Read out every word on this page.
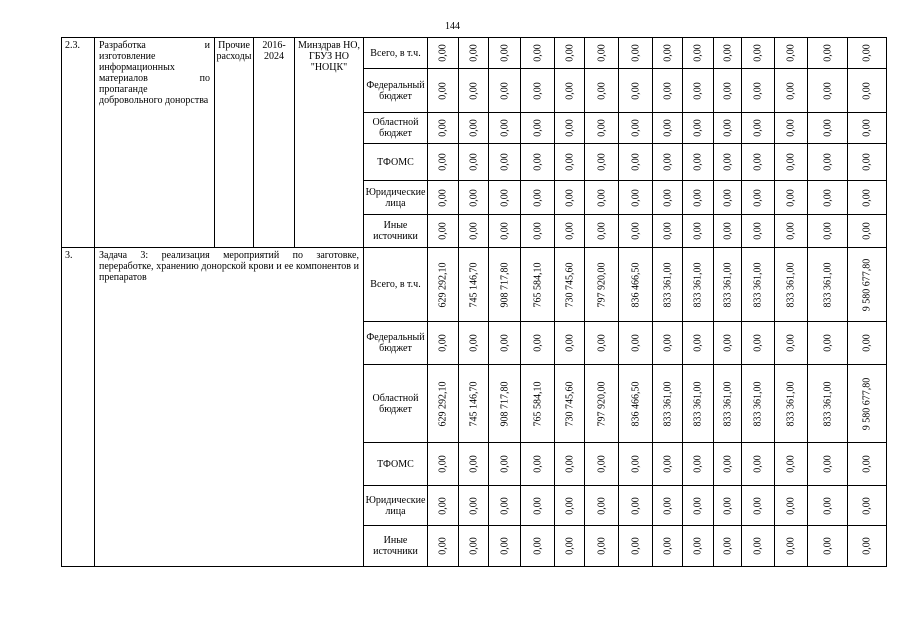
144
2.3.	Разработка и изготовление информационных материалов по пропаганде добровольного донорства	Прочие расходы	2016-2024	Минздрав НО, ГБУЗ НО "НОЦК"	Всего, в т.ч.	0,00	0,00	0,00	0,00	0,00	0,00	0,00	0,00	0,00	0,00	0,00	0,00	0,00	0,00

					Федеральный бюджет	0,00	0,00	0,00	0,00	0,00	0,00	0,00	0,00	0,00	0,00	0,00	0,00	0,00	0,00

					Областной бюджет	0,00	0,00	0,00	0,00	0,00	0,00	0,00	0,00	0,00	0,00	0,00	0,00	0,00	0,00

					ТФОМС	0,00	0,00	0,00	0,00	0,00	0,00	0,00	0,00	0,00	0,00	0,00	0,00	0,00	0,00

					Юридические лица	0,00	0,00	0,00	0,00	0,00	0,00	0,00	0,00	0,00	0,00	0,00	0,00	0,00	0,00

					Иные источники	0,00	0,00	0,00	0,00	0,00	0,00	0,00	0,00	0,00	0,00	0,00	0,00	0,00	0,00

3.	Задача 3: реализация мероприятий по заготовке, переработке, хранению донорской крови и ее компонентов и препаратов				Всего, в т.ч.	629 292,10	745 146,70	908 717,80	765 584,10	730 745,60	797 920,00	836 466,50	833 361,00	833 361,00	833 361,00	833 361,00	833 361,00	833 361,00	9 580 677,80

					Федеральный бюджет	0,00	0,00	0,00	0,00	0,00	0,00	0,00	0,00	0,00	0,00	0,00	0,00	0,00	0,00

					Областной бюджет	629 292,10	745 146,70	908 717,80	765 584,10	730 745,60	797 920,00	836 466,50	833 361,00	833 361,00	833 361,00	833 361,00	833 361,00	833 361,00	9 580 677,80

					ТФОМС	0,00	0,00	0,00	0,00	0,00	0,00	0,00	0,00	0,00	0,00	0,00	0,00	0,00	0,00

					Юридические лица	0,00	0,00	0,00	0,00	0,00	0,00	0,00	0,00	0,00	0,00	0,00	0,00	0,00	0,00

					Иные источники	0,00	0,00	0,00	0,00	0,00	0,00	0,00	0,00	0,00	0,00	0,00	0,00	0,00	0,00
